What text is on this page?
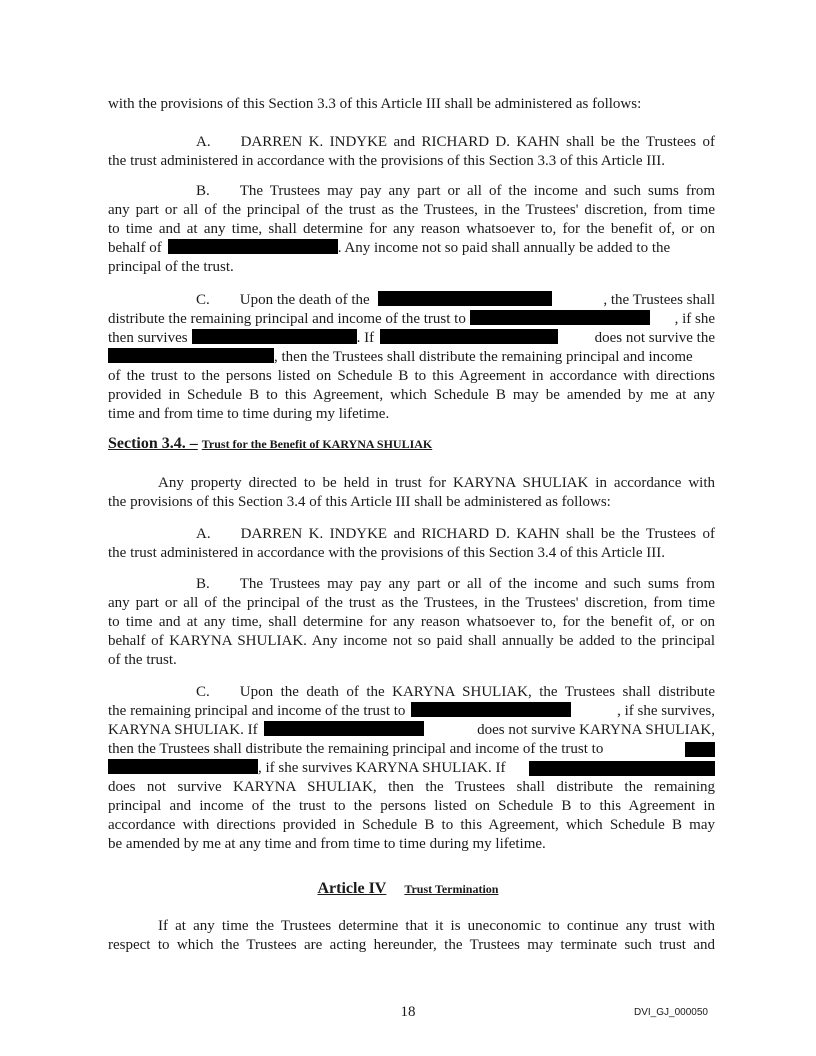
with the provisions of this Section 3.3 of this Article III shall be administered as follows:
A.  DARREN K. INDYKE and RICHARD D. KAHN shall be the Trustees of
the trust administered in accordance with the provisions of this Section 3.3 of this Article III.
B.  The Trustees may pay any part or all of the income and such sums from
any part or all of the principal of the trust as the Trustees, in the Trustees' discretion, from time
to time and at any time, shall determine for any reason whatsoever to, for the benefit of, or on
behalf of	. Any income not so paid shall annually be added to the
principal of the trust.
C.  Upon the death of the	, the Trustees shall
distribute the remaining principal and income of the trust to	, if she
then survives	. If	does not survive the
, then the Trustees shall distribute the remaining principal and income
of the trust to the persons listed on Schedule B to this Agreement in accordance with directions
provided in Schedule B to this Agreement, which Schedule B may be amended by me at any
time and from time to time during my lifetime.
Section 3.4. – Trust for the Benefit of KARYNA SHULIAK
Any property directed to be held in trust for KARYNA SHULIAK in accordance with
the provisions of this Section 3.4 of this Article III shall be administered as follows:
A.  DARREN K. INDYKE and RICHARD D. KAHN shall be the Trustees of
the trust administered in accordance with the provisions of this Section 3.4 of this Article III.
B.  The Trustees may pay any part or all of the income and such sums from
any part or all of the principal of the trust as the Trustees, in the Trustees' discretion, from time
to time and at any time, shall determine for any reason whatsoever to, for the benefit of, or on
behalf of KARYNA SHULIAK. Any income not so paid shall annually be added to the principal
of the trust.
C.  Upon the death of the KARYNA SHULIAK, the Trustees shall distribute
the remaining principal and income of the trust to	, if she survives,
KARYNA SHULIAK. If	does not survive KARYNA SHULIAK,
then the Trustees shall distribute the remaining principal and income of the trust to
, if she survives KARYNA SHULIAK. If
does not survive KARYNA SHULIAK, then the Trustees shall distribute the remaining
principal and income of the trust to the persons listed on Schedule B to this Agreement in
accordance with directions provided in Schedule B to this Agreement, which Schedule B may
be amended by me at any time and from time to time during my lifetime.
Article IV Trust Termination
If at any time the Trustees determine that it is uneconomic to continue any trust with
respect to which the Trustees are acting hereunder, the Trustees may terminate such trust and
18	DVI_GJ_000050
